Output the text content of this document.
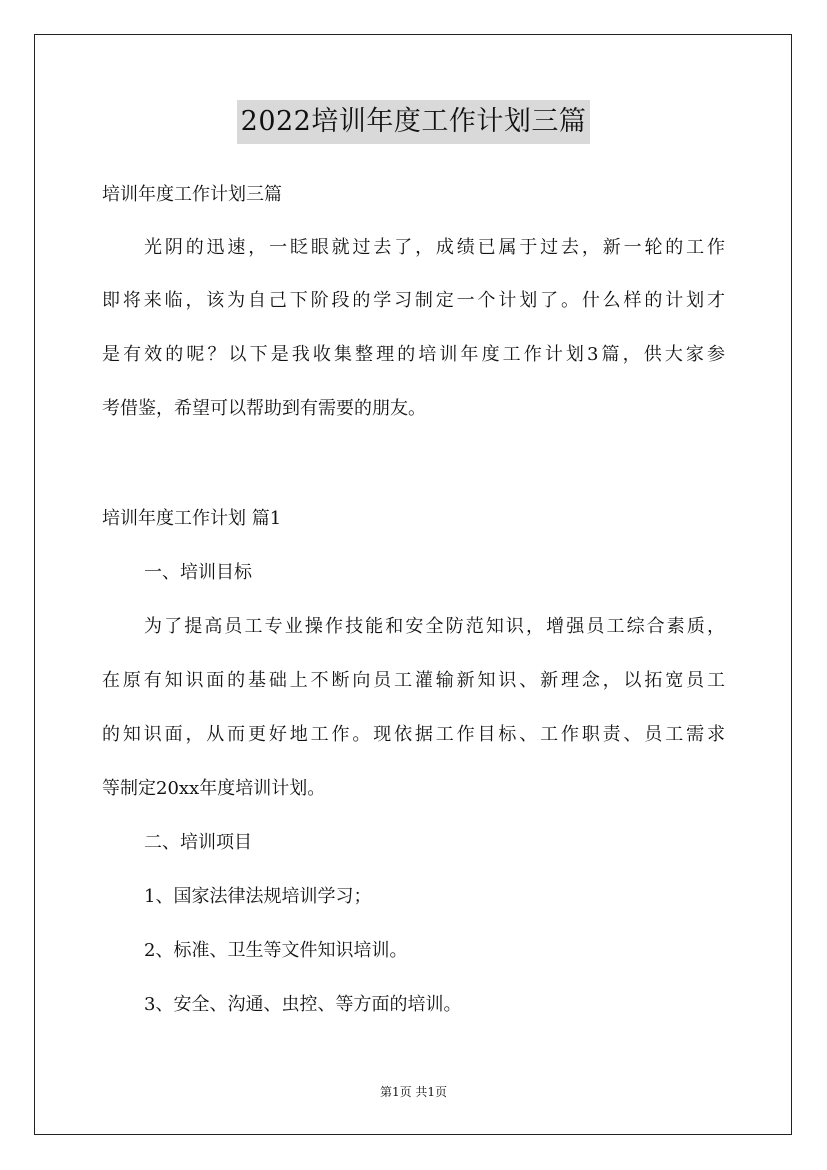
2022培训年度工作计划三篇
培训年度工作计划三篇
光阴的迅速，一眨眼就过去了，成绩已属于过去，新一轮的工作
即将来临，该为自己下阶段的学习制定一个计划了。什么样的计划才
是有效的呢？以下是我收集整理的培训年度工作计划3篇，供大家参
考借鉴，希望可以帮助到有需要的朋友。
培训年度工作计划 篇1
一、培训目标
为了提高员工专业操作技能和安全防范知识，增强员工综合素质，
在原有知识面的基础上不断向员工灌输新知识、新理念，以拓宽员工
的知识面，从而更好地工作。现依据工作目标、工作职责、员工需求
等制定20xx年度培训计划。
二、培训项目
1、国家法律法规培训学习；
2、标准、卫生等文件知识培训。
3、安全、沟通、虫控、等方面的培训。
第1页 共1页
